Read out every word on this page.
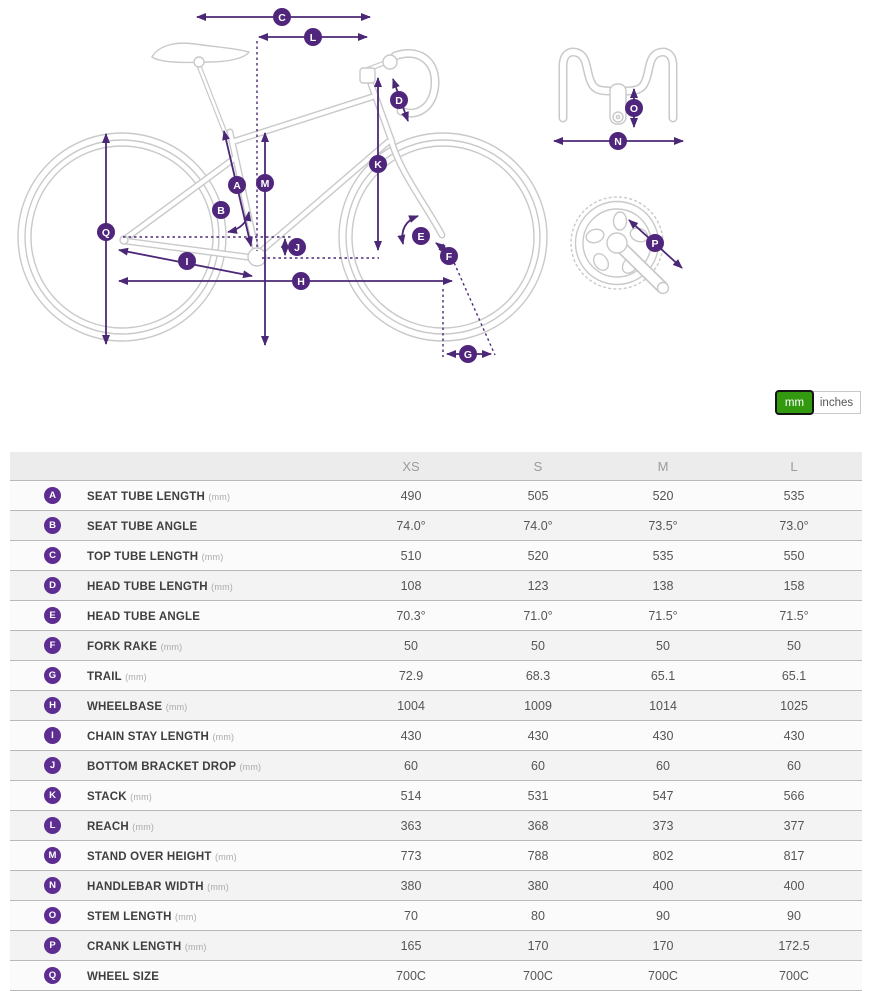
A
B
C
D
E
F
G
H
I
J
K
L
M
N
O
P
Q
mm	inches
	XS	S	M	L
A SEAT TUBE LENGTH (mm)	490	505	520	535
B SEAT TUBE ANGLE	74.0°	74.0°	73.5°	73.0°
C TOP TUBE LENGTH (mm)	510	520	535	550
D HEAD TUBE LENGTH (mm)	108	123	138	158
E HEAD TUBE ANGLE	70.3°	71.0°	71.5°	71.5°
F FORK RAKE (mm)	50	50	50	50
G TRAIL (mm)	72.9	68.3	65.1	65.1
H WHEELBASE (mm)	1004	1009	1014	1025
I CHAIN STAY LENGTH (mm)	430	430	430	430
J BOTTOM BRACKET DROP (mm)	60	60	60	60
K STACK (mm)	514	531	547	566
L REACH (mm)	363	368	373	377
M STAND OVER HEIGHT (mm)	773	788	802	817
N HANDLEBAR WIDTH (mm)	380	380	400	400
O STEM LENGTH (mm)	70	80	90	90
P CRANK LENGTH (mm)	165	170	170	172.5
Q WHEEL SIZE	700C	700C	700C	700C
